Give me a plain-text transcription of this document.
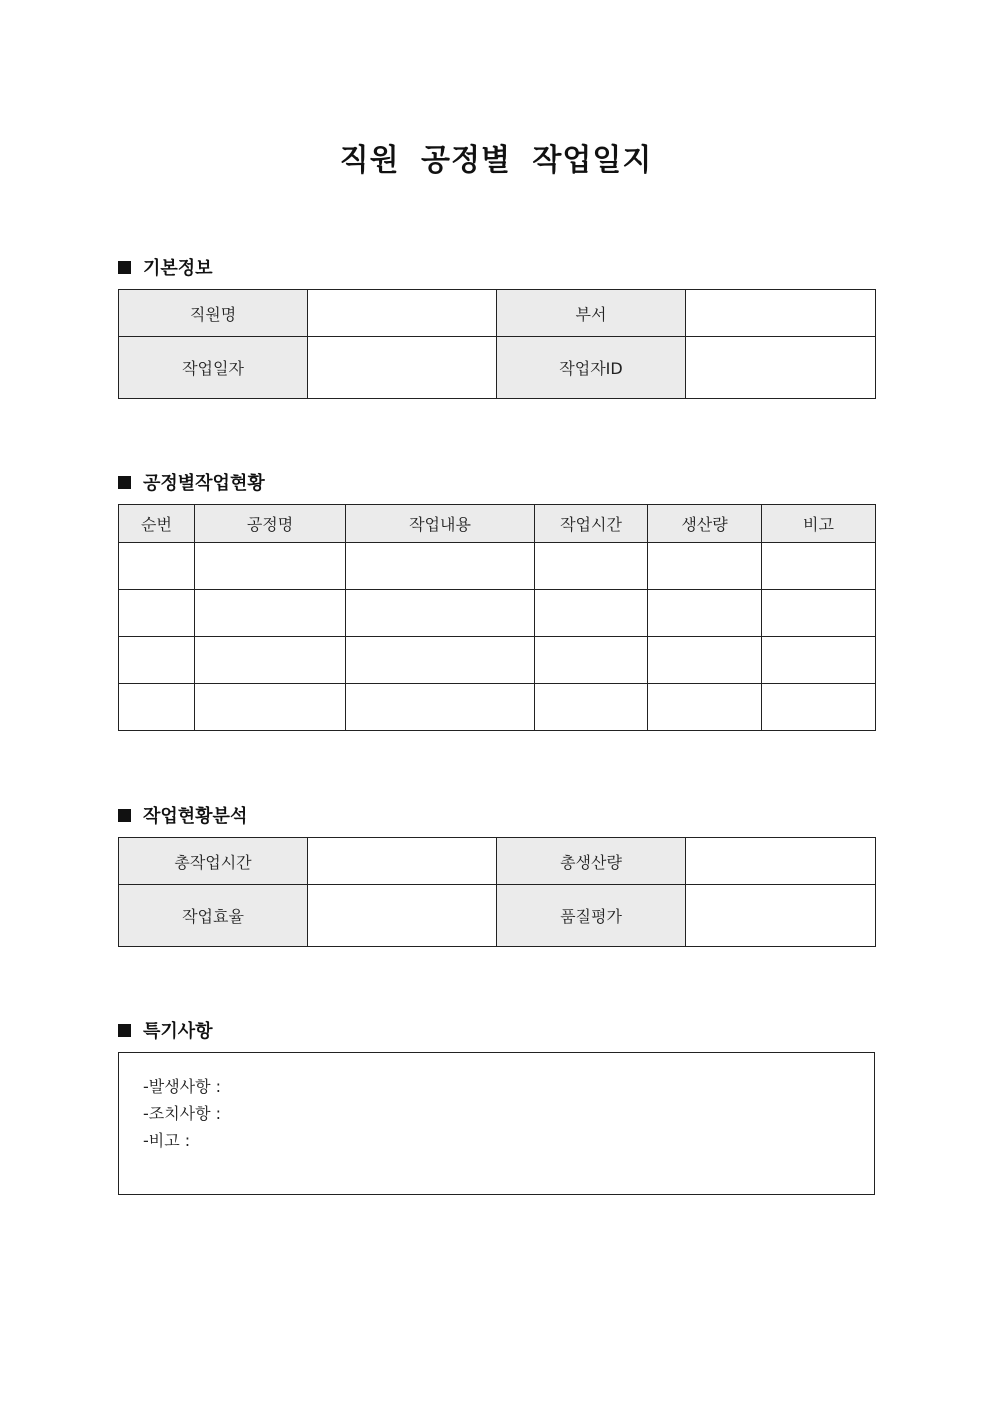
직원 공정별 작업일지
기본정보
직원명		부서	
작업일자		작업자ID	
공정별작업현황
순번	공정명	작업내용	작업시간	생산량	비고

작업현황분석
총작업시간		총생산량	
작업효율		품질평가	
특기사항
-발생사항 :
-조치사항 :
-비고 :
